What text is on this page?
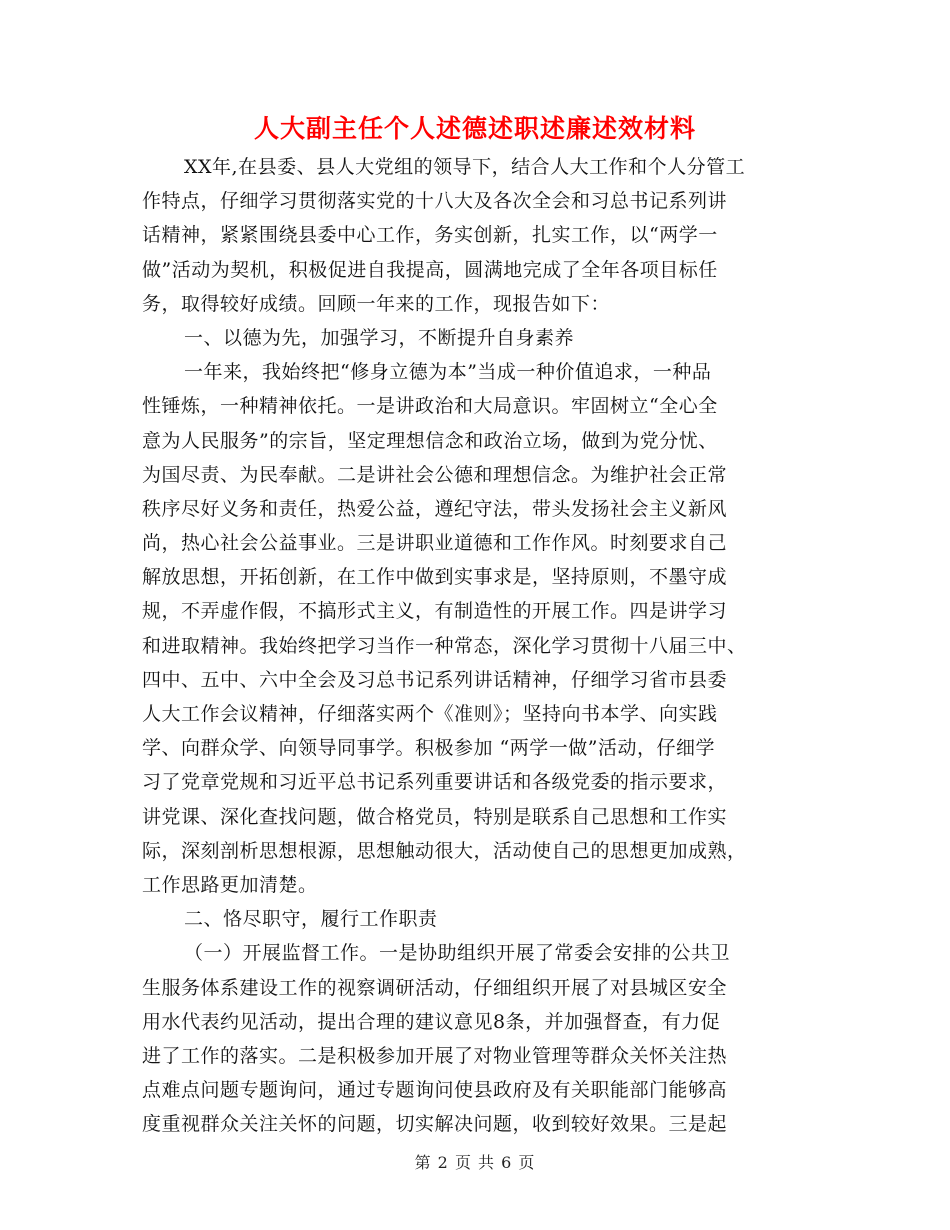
人大副主任个人述德述职述廉述效材料
XX年,在县委、县人大党组的领导下，结合人大工作和个人分管工
作特点，仔细学习贯彻落实党的十八大及各次全会和习总书记系列讲
话精神，紧紧围绕县委中心工作，务实创新，扎实工作，以“两学一
做”活动为契机，积极促进自我提高，圆满地完成了全年各项目标任
务，取得较好成绩。回顾一年来的工作，现报告如下：
一、以德为先，加强学习，不断提升自身素养
一年来，我始终把“修身立德为本”当成一种价值追求，一种品
性锤炼，一种精神依托。一是讲政治和大局意识。牢固树立“全心全
意为人民服务”的宗旨，坚定理想信念和政治立场，做到为党分忧、
为国尽责、为民奉献。二是讲社会公德和理想信念。为维护社会正常
秩序尽好义务和责任，热爱公益，遵纪守法，带头发扬社会主义新风
尚，热心社会公益事业。三是讲职业道德和工作作风。时刻要求自己
解放思想，开拓创新，在工作中做到实事求是，坚持原则，不墨守成
规，不弄虚作假，不搞形式主义，有制造性的开展工作。四是讲学习
和进取精神。我始终把学习当作一种常态，深化学习贯彻十八届三中、
四中、五中、六中全会及习总书记系列讲话精神，仔细学习省市县委
人大工作会议精神，仔细落实两个《准则》；坚持向书本学、向实践
学、向群众学、向领导同事学。积极参加 “两学一做”活动，仔细学
习了党章党规和习近平总书记系列重要讲话和各级党委的指示要求，
讲党课、深化查找问题，做合格党员，特别是联系自己思想和工作实
际，深刻剖析思想根源，思想触动很大，活动使自己的思想更加成熟，
工作思路更加清楚。
二、恪尽职守，履行工作职责
（一）开展监督工作。一是协助组织开展了常委会安排的公共卫
生服务体系建设工作的视察调研活动，仔细组织开展了对县城区安全
用水代表约见活动，提出合理的建议意见8条，并加强督查，有力促
进了工作的落实。二是积极参加开展了对物业管理等群众关怀关注热
点难点问题专题询问，通过专题询问使县政府及有关职能部门能够高
度重视群众关注关怀的问题，切实解决问题，收到较好效果。三是起
第 2 页 共 6 页
